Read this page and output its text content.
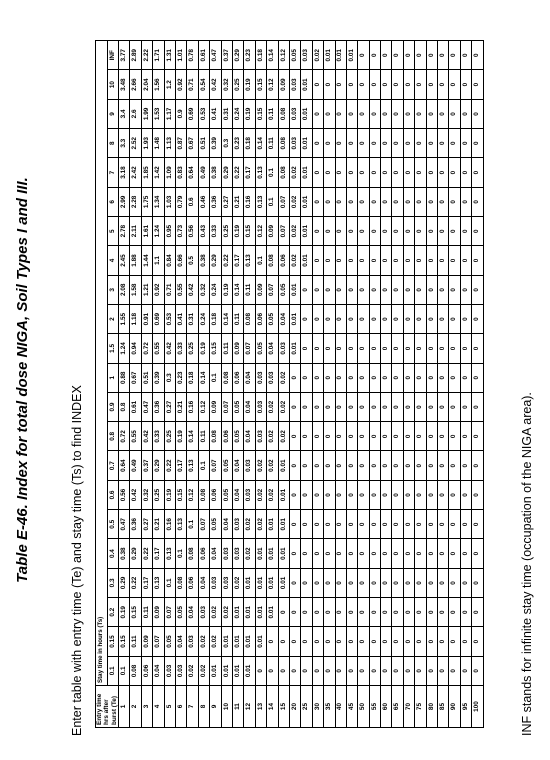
Table E-46. Index for total dose NIGA, Soil Types I and III.	Enter table with entry time (Te) and stay time (Ts) to find INDEX Entry time hrs after burst (Te)	Stay time in hours (Ts)																					
	0.1	0.15	0.2	0.3	0.4	0.5	0.6	0.7	0.8	0.9	1	1.5	2	3	4	5	6	7	8	9	10	INF
1	0.1	0.15	0.19	0.29	0.38	0.47	0.56	0.64	0.72	0.8	0.88	1.24	1.55	2.08	2.45	2.78	2.99	3.18	3.3	3.4	3.48	3.77
2	0.08	0.11	0.15	0.22	0.29	0.36	0.42	0.49	0.55	0.61	0.67	0.94	1.18	1.58	1.88	2.11	2.28	2.42	2.52	2.6	2.66	2.89
3	0.06	0.09	0.11	0.17	0.22	0.27	0.32	0.37	0.42	0.47	0.51	0.72	0.91	1.21	1.44	1.61	1.75	1.85	1.93	1.99	2.04	2.22
4	0.04	0.07	0.09	0.13	0.17	0.21	0.25	0.29	0.33	0.36	0.39	0.55	0.69	0.92	1.1	1.24	1.34	1.42	1.48	1.53	1.56	1.71
5	0.03	0.05	0.07	0.1	0.13	0.16	0.19	0.22	0.25	0.27	0.3	0.42	0.53	0.71	0.84	0.95	1.03	1.09	1.13	1.17	1.2	1.31
6	0.03	0.04	0.05	0.08	0.1	0.13	0.15	0.17	0.19	0.21	0.23	0.33	0.41	0.55	0.66	0.73	0.79	0.83	0.87	0.9	0.92	1.01
7	0.02	0.03	0.04	0.06	0.08	0.1	0.12	0.13	0.14	0.16	0.18	0.25	0.31	0.42	0.5	0.56	0.6	0.64	0.67	0.69	0.71	0.78
8	0.02	0.02	0.03	0.04	0.06	0.07	0.08	0.1	0.11	0.12	0.14	0.19	0.24	0.32	0.38	0.43	0.46	0.49	0.51	0.53	0.54	0.61
9	0.01	0.02	0.02	0.03	0.04	0.05	0.06	0.07	0.08	0.09	0.1	0.15	0.18	0.24	0.29	0.33	0.36	0.38	0.39	0.41	0.42	0.47
10	0.01	0.01	0.02	0.03	0.03	0.04	0.05	0.05	0.06	0.07	0.08	0.11	0.14	0.19	0.22	0.25	0.27	0.29	0.3	0.31	0.32	0.37
11	0.01	0.01	0.01	0.02	0.03	0.03	0.04	0.04	0.05	0.05	0.06	0.09	0.11	0.14	0.17	0.19	0.21	0.22	0.23	0.24	0.25	0.29
12	0.01	0.01	0.01	0.01	0.02	0.02	0.03	0.03	0.04	0.04	0.04	0.07	0.08	0.11	0.13	0.15	0.16	0.17	0.18	0.19	0.19	0.23
13	0	0.01	0.01	0.01	0.01	0.02	0.02	0.02	0.03	0.03	0.03	0.05	0.06	0.09	0.1	0.12	0.13	0.13	0.14	0.15	0.15	0.18
14	0	0	0.01	0.01	0.01	0.01	0.02	0.02	0.02	0.02	0.03	0.04	0.05	0.07	0.08	0.09	0.1	0.1	0.11	0.11	0.12	0.14
15	0	0	0	0.01	0.01	0.01	0.01	0.01	0.02	0.02	0.02	0.03	0.04	0.05	0.06	0.07	0.07	0.08	0.08	0.08	0.09	0.12
20	0	0	0	0	0	0	0	0	0	0	0	0.01	0.01	0.01	0.02	0.02	0.02	0.02	0.03	0.03	0.03	0.05
25	0	0	0	0	0	0	0	0	0	0	0	0	0	0	0.01	0.01	0.01	0.01	0.01	0.01	0.01	0.03
30	0	0	0	0	0	0	0	0	0	0	0	0	0	0	0	0	0	0	0	0	0	0.02
35	0	0	0	0	0	0	0	0	0	0	0	0	0	0	0	0	0	0	0	0	0	0.01
40	0	0	0	0	0	0	0	0	0	0	0	0	0	0	0	0	0	0	0	0	0	0.01
45	0	0	0	0	0	0	0	0	0	0	0	0	0	0	0	0	0	0	0	0	0	0.01
50	0	0	0	0	0	0	0	0	0	0	0	0	0	0	0	0	0	0	0	0	0	0
55	0	0	0	0	0	0	0	0	0	0	0	0	0	0	0	0	0	0	0	0	0	0
60	0	0	0	0	0	0	0	0	0	0	0	0	0	0	0	0	0	0	0	0	0	0
65	0	0	0	0	0	0	0	0	0	0	0	0	0	0	0	0	0	0	0	0	0	0
70	0	0	0	0	0	0	0	0	0	0	0	0	0	0	0	0	0	0	0	0	0	0
75	0	0	0	0	0	0	0	0	0	0	0	0	0	0	0	0	0	0	0	0	0	0
80	0	0	0	0	0	0	0	0	0	0	0	0	0	0	0	0	0	0	0	0	0	0
85	0	0	0	0	0	0	0	0	0	0	0	0	0	0	0	0	0	0	0	0	0	0
90	0	0	0	0	0	0	0	0	0	0	0	0	0	0	0	0	0	0	0	0	0	0
95	0	0	0	0	0	0	0	0	0	0	0	0	0	0	0	0	0	0	0	0	0	0
100	0	0	0	0	0	0	0	0	0	0	0	0	0	0	0	0	0	0	0	0	0	0
INF stands for infinite stay time (occupation of the NIGA area).
